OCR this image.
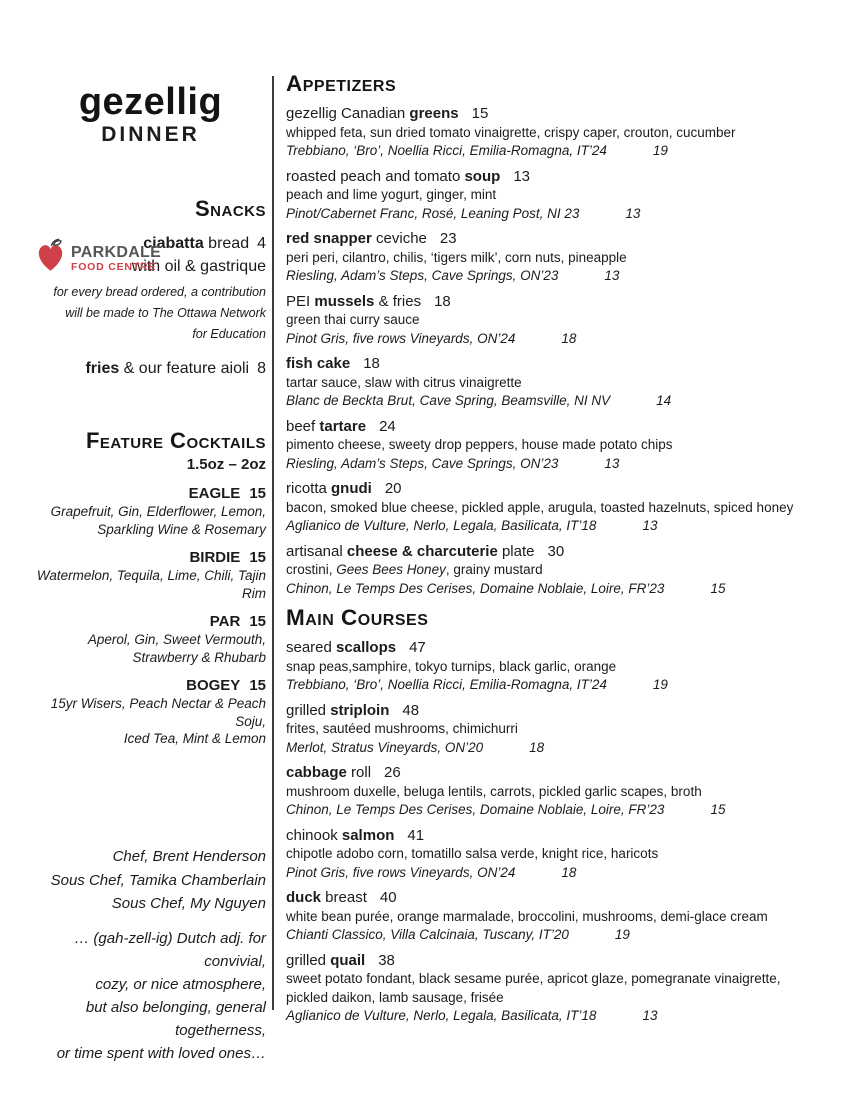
gezellig
DINNER
Snacks
ciabatta bread 4
with oil & gastrique
for every bread ordered, a contribution
will be made to The Ottawa Network
for Education
fries & our feature aioli 8
PARKDALE
FOOD CENTRE
Feature Cocktails
1.5oz – 2oz
EAGLE 15
Grapefruit, Gin, Elderflower, Lemon,
Sparkling Wine & Rosemary
BIRDIE 15
Watermelon, Tequila, Lime, Chili, Tajin Rim
PAR 15
Aperol, Gin, Sweet Vermouth,
Strawberry & Rhubarb
BOGEY 15
15yr Wisers, Peach Nectar & Peach Soju,
Iced Tea, Mint & Lemon
Chef, Brent Henderson
Sous Chef, Tamika Chamberlain
Sous Chef, My Nguyen
… (gah-zell-ig) Dutch adj. for convivial,
cozy, or nice atmosphere,
but also belonging, general togetherness,
or time spent with loved ones…
Appetizers
gezellig Canadian greens 15
whipped feta, sun dried tomato vinaigrette, crispy caper, crouton, cucumber
Trebbiano, ‘Bro’, Noellia Ricci, Emilia-Romagna, IT’24	19
roasted peach and tomato soup 13
peach and lime yogurt, ginger, mint
Pinot/Cabernet Franc, Rosé, Leaning Post, NI 23	13
red snapper ceviche 23
peri peri, cilantro, chilis, ‘tigers milk’, corn nuts, pineapple
Riesling, Adam’s Steps, Cave Springs, ON’23	13
PEI mussels & fries 18
green thai curry sauce
Pinot Gris, five rows Vineyards, ON’24	18
fish cake 18
tartar sauce, slaw with citrus vinaigrette
Blanc de Beckta Brut, Cave Spring, Beamsville, NI NV	14
beef tartare 24
pimento cheese, sweety drop peppers, house made potato chips
Riesling, Adam’s Steps, Cave Springs, ON’23	13
ricotta gnudi 20
bacon, smoked blue cheese, pickled apple, arugula, toasted hazelnuts, spiced honey
Aglianico de Vulture, Nerlo, Legala, Basilicata, IT’18	13
artisanal cheese & charcuterie plate 30
crostini, Gees Bees Honey, grainy mustard
Chinon, Le Temps Des Cerises, Domaine Noblaie, Loire, FR’23	15
Main Courses
seared scallops 47
snap peas,samphire, tokyo turnips, black garlic, orange
Trebbiano, ‘Bro’, Noellia Ricci, Emilia-Romagna, IT’24	19
grilled striploin 48
frites, sautéed mushrooms, chimichurri
Merlot, Stratus Vineyards, ON’20	18
cabbage roll 26
mushroom duxelle, beluga lentils, carrots, pickled garlic scapes, broth
Chinon, Le Temps Des Cerises, Domaine Noblaie, Loire, FR’23	15
chinook salmon 41
chipotle adobo corn, tomatillo salsa verde, knight rice, haricots
Pinot Gris, five rows Vineyards, ON’24	18
duck breast 40
white bean purée, orange marmalade, broccolini, mushrooms, demi-glace cream
Chianti Classico, Villa Calcinaia, Tuscany, IT’20	19
grilled quail 38
sweet potato fondant, black sesame purée, apricot glaze, pomegranate vinaigrette,
pickled daikon, lamb sausage, frisée
Aglianico de Vulture, Nerlo, Legala, Basilicata, IT’18	13
